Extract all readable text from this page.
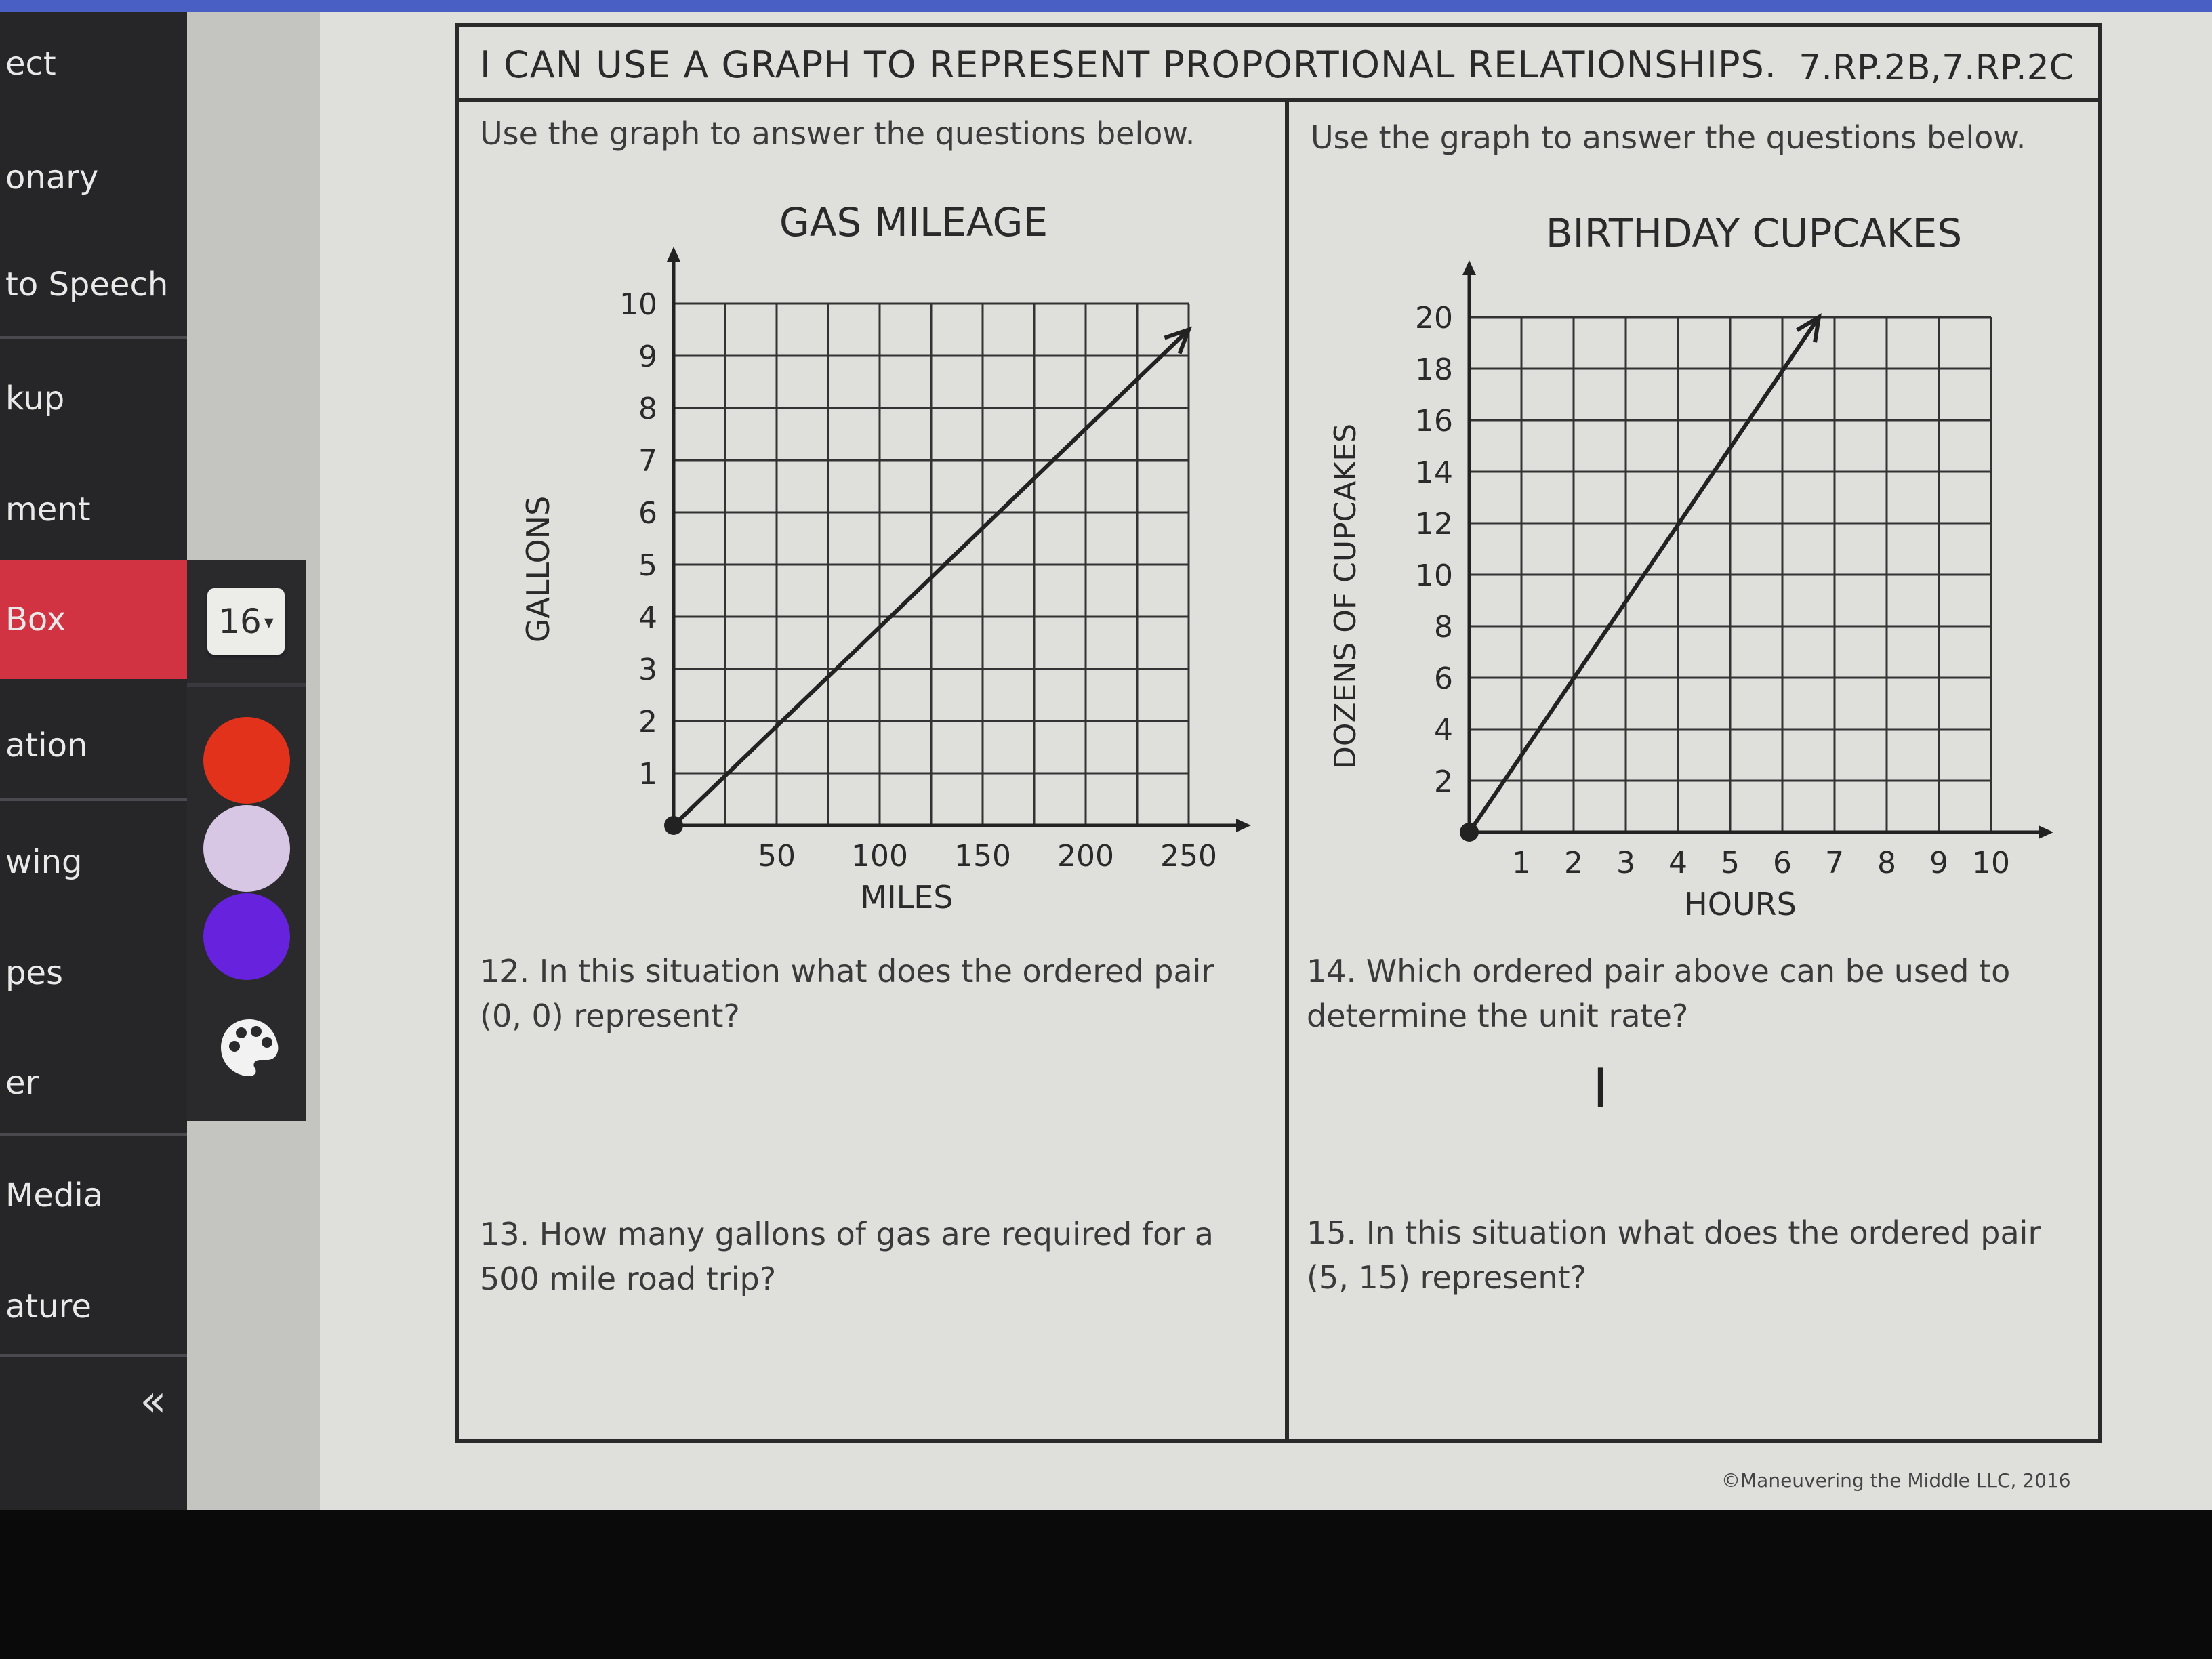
ect
onary
to Speech
kup
ment
Box
ation
wing
pes
er
Media
ature
«
16 ▾
I CAN USE A GRAPH TO REPRESENT PROPORTIONAL RELATIONSHIPS. 7.RP.2B,7.RP.2C
Use the graph to answer the questions below.	Use the graph to answer the questions below.
GAS MILEAGE
50 100 150 200 250
1
2
3
4
5
6
7
8
9
10
MILES
GALLONS
BIRTHDAY CUPCAKES
1 2 3 4 5 6 7 8 9 10
2
4
6
8
10
12
14
16
18
20
HOURS
DOZENS OF CUPCAKES
12. In this situation what does the ordered pair (0, 0) represent?
13. How many gallons of gas are required for a 500 mile road trip?
14. Which ordered pair above can be used to determine the unit rate?
15. In this situation what does the ordered pair (5, 15) represent?
I
©Maneuvering the Middle LLC, 2016
